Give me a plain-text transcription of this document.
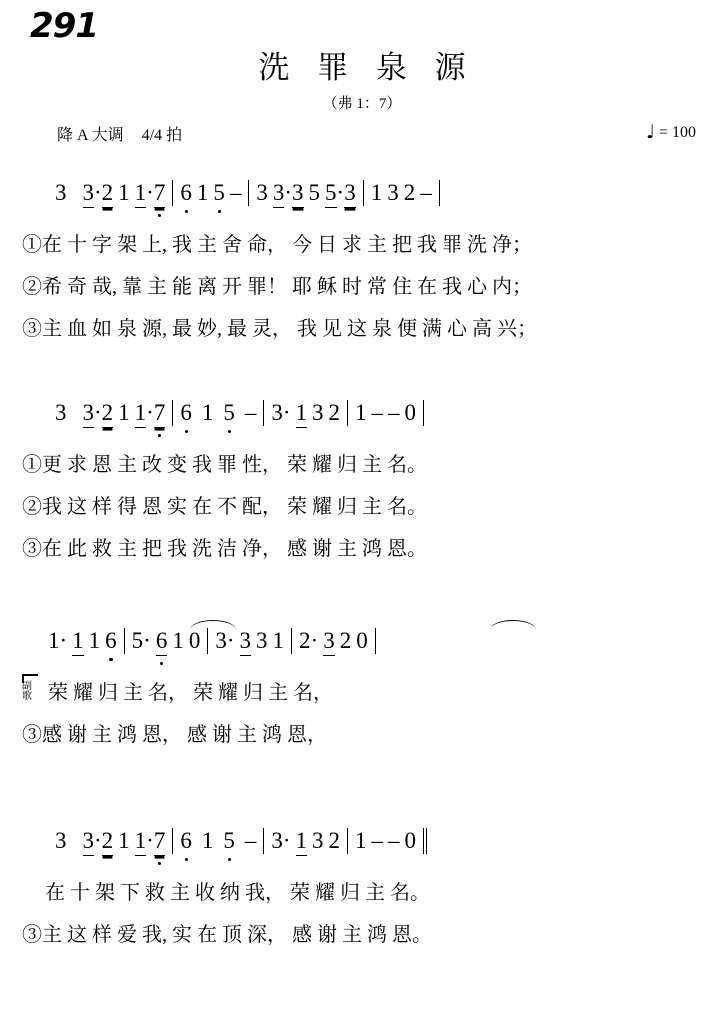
291
洗 罪 泉 源
（弗 1：7）
降 A 大调 4/4 拍	♩ = 100
3 3·2 1 1·7 6 1 5 – 3 3·3 5 5·3 1 3 2 –
①在 十 字 架 上, 我 主 舍 命， 今 日 求 主 把 我 罪 洗 净；
②希 奇 哉, 靠 主 能 离 开 罪！ 耶 稣 时 常 住 在 我 心 内；
③主 血 如 泉 源, 最 妙, 最 灵， 我 见 这 泉 便 满 心 高 兴；
3 3·2 1 1·7 6 1 5 – 3· 1 3 2 1 – – 0
①更 求 恩 主 改 变 我 罪 性， 荣 耀 归 主 名。
②我 这 样 得 恩 实 在 不 配， 荣 耀 归 主 名。
③在 此 救 主 把 我 洗 洁 净， 感 谢 主 鸿 恩。
1· 1 1 6 5· 6 1 0 3· 3 3 1 2· 3 2 0
副
歌 荣 耀 归 主 名， 荣 耀 归 主 名，
③感 谢 主 鸿 恩， 感 谢 主 鸿 恩，
3 3·2 1 1·7 6 1 5 – 3· 1 3 2 1 – – 0
在 十 架 下 救 主 收 纳 我， 荣 耀 归 主 名。
③主 这 样 爱 我, 实 在 顶 深， 感 谢 主 鸿 恩。
